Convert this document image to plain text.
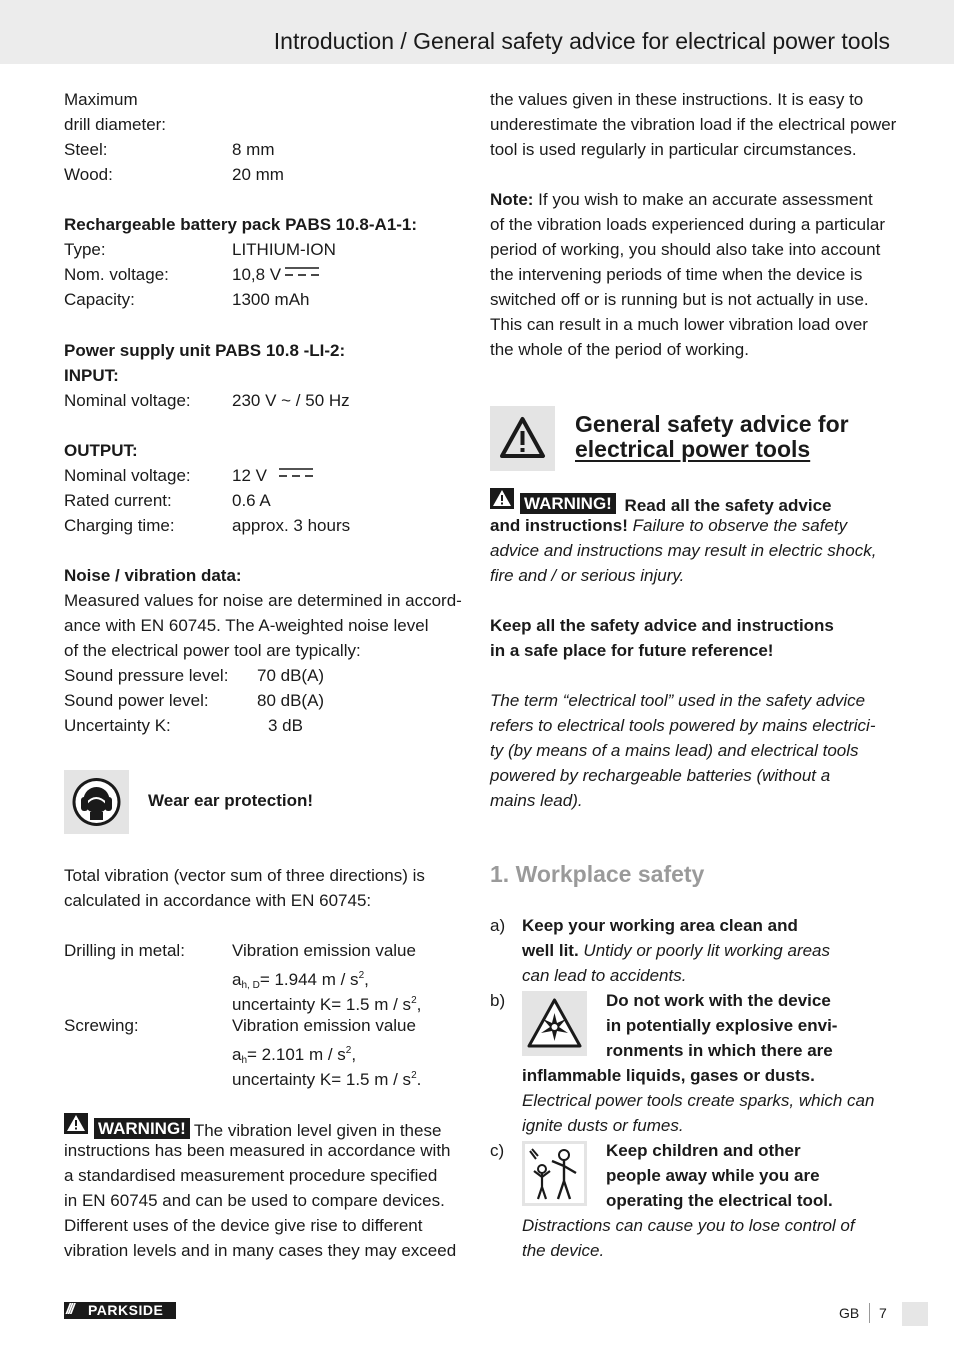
Introduction / General safety advice for electrical power tools
Maximum
drill diameter:
Steel:	8 mm
Wood:	20 mm
Rechargeable battery pack PABS 10.8-A1-1:
Type:	LITHIUM-ION
Nom. voltage:	10,8 V
Capacity:	1300 mAh
Power supply unit PABS 10.8 -LI-2:
INPUT:
Nominal voltage: 230 V ~ / 50 Hz
OUTPUT:
Nominal voltage: 12 V
Rated current:	0.6 A
Charging time:	approx. 3 hours
Noise / vibration data:
Measured values for noise are determined in accord-
ance with EN 60745. The A-weighted noise level
of the electrical power tool are typically:
Sound pressure level: 70 dB(A)
Sound power level:	80 dB(A)
Uncertainty K:	3 dB
Wear ear protection!
Total vibration (vector sum of three directions) is
calculated in accordance with EN 60745:
Drilling in metal:	Vibration emission value
$a_{h, D}= 1.944$ m / $s^2$,
uncertainty K= 1.5 m / $s^2$,
Screwing:	Vibration emission value
$a_h= 2.101$ m / $s^2$,
uncertainty K= 1.5 m / $s^2$.
WARNING! The vibration level given in these
instructions has been measured in accordance with
a standardised measurement procedure specified
in EN 60745 and can be used to compare devices.
Different uses of the device give rise to different
vibration levels and in many cases they may exceed
the values given in these instructions. It is easy to
underestimate the vibration load if the electrical power
tool is used regularly in particular circumstances.
Note: If you wish to make an accurate assessment
of the vibration loads experienced during a particular
period of working, you should also take into account
the intervening periods of time when the device is
switched off or is running but is not actually in use.
This can result in a much lower vibration load over
the whole of the period of working.
General safety advice for
electrical power tools
WARNING! Read all the safety advice
and instructions! Failure to observe the safety
advice and instructions may result in electric shock,
fire and / or serious injury.
Keep all the safety advice and instructions
in a safe place for future reference!
The term “electrical tool” used in the safety advice
refers to electrical tools powered by mains electrici-
ty (by means of a mains lead) and electrical tools
powered by rechargeable batteries (without a
mains lead).
1. Workplace safety
a) Keep your working area clean and
well lit. Untidy or poorly lit working areas
can lead to accidents.
b)	Do not work with the device
in potentially explosive envi-
ronments in which there are
inflammable liquids, gases or dusts.
Electrical power tools create sparks, which can
ignite dusts or fumes.
c)	Keep children and other
people away while you are
operating the electrical tool.
Distractions can cause you to lose control of
the device.
/// PARKSIDE	GB 7
